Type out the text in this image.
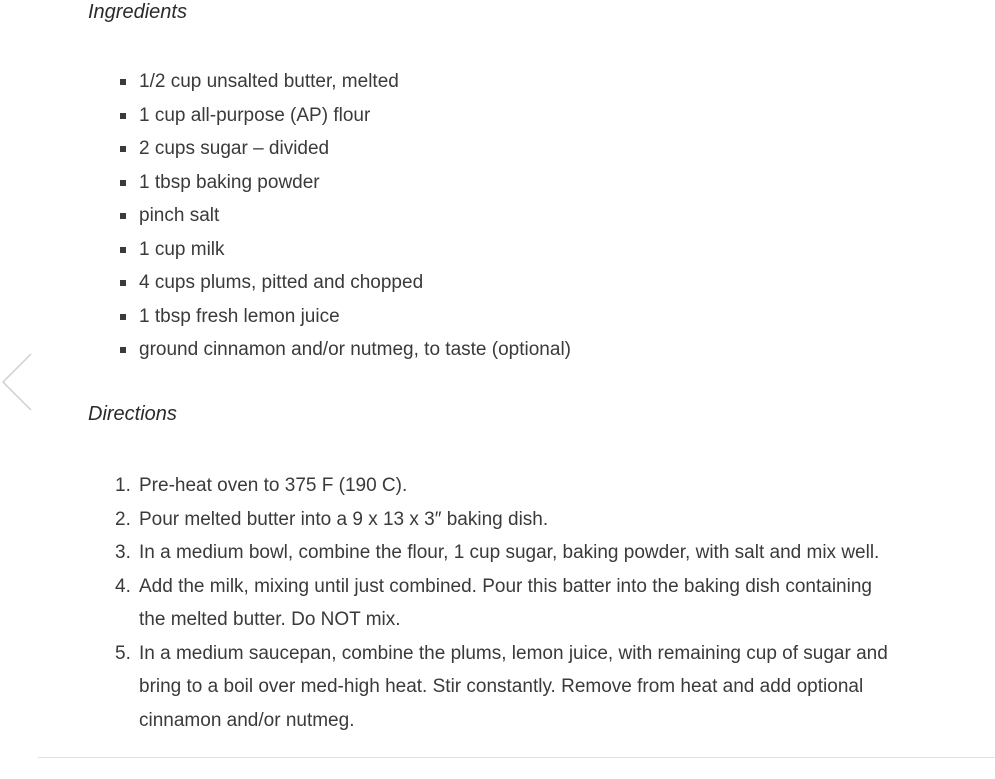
Ingredients
1/2 cup unsalted butter, melted
1 cup all-purpose (AP) flour
2 cups sugar – divided
1 tbsp baking powder
pinch salt
1 cup milk
4 cups plums, pitted and chopped
1 tbsp fresh lemon juice
ground cinnamon and/or nutmeg, to taste (optional)
Directions
1. Pre-heat oven to 375 F (190 C).
2. Pour melted butter into a 9 x 13 x 3″ baking dish.
3. In a medium bowl, combine the flour, 1 cup sugar, baking powder, with salt and mix well.
4. Add the milk, mixing until just combined. Pour this batter into the baking dish containing the melted butter. Do NOT mix.
5. In a medium saucepan, combine the plums, lemon juice, with remaining cup of sugar and bring to a boil over med-high heat. Stir constantly. Remove from heat and add optional cinnamon and/or nutmeg.
